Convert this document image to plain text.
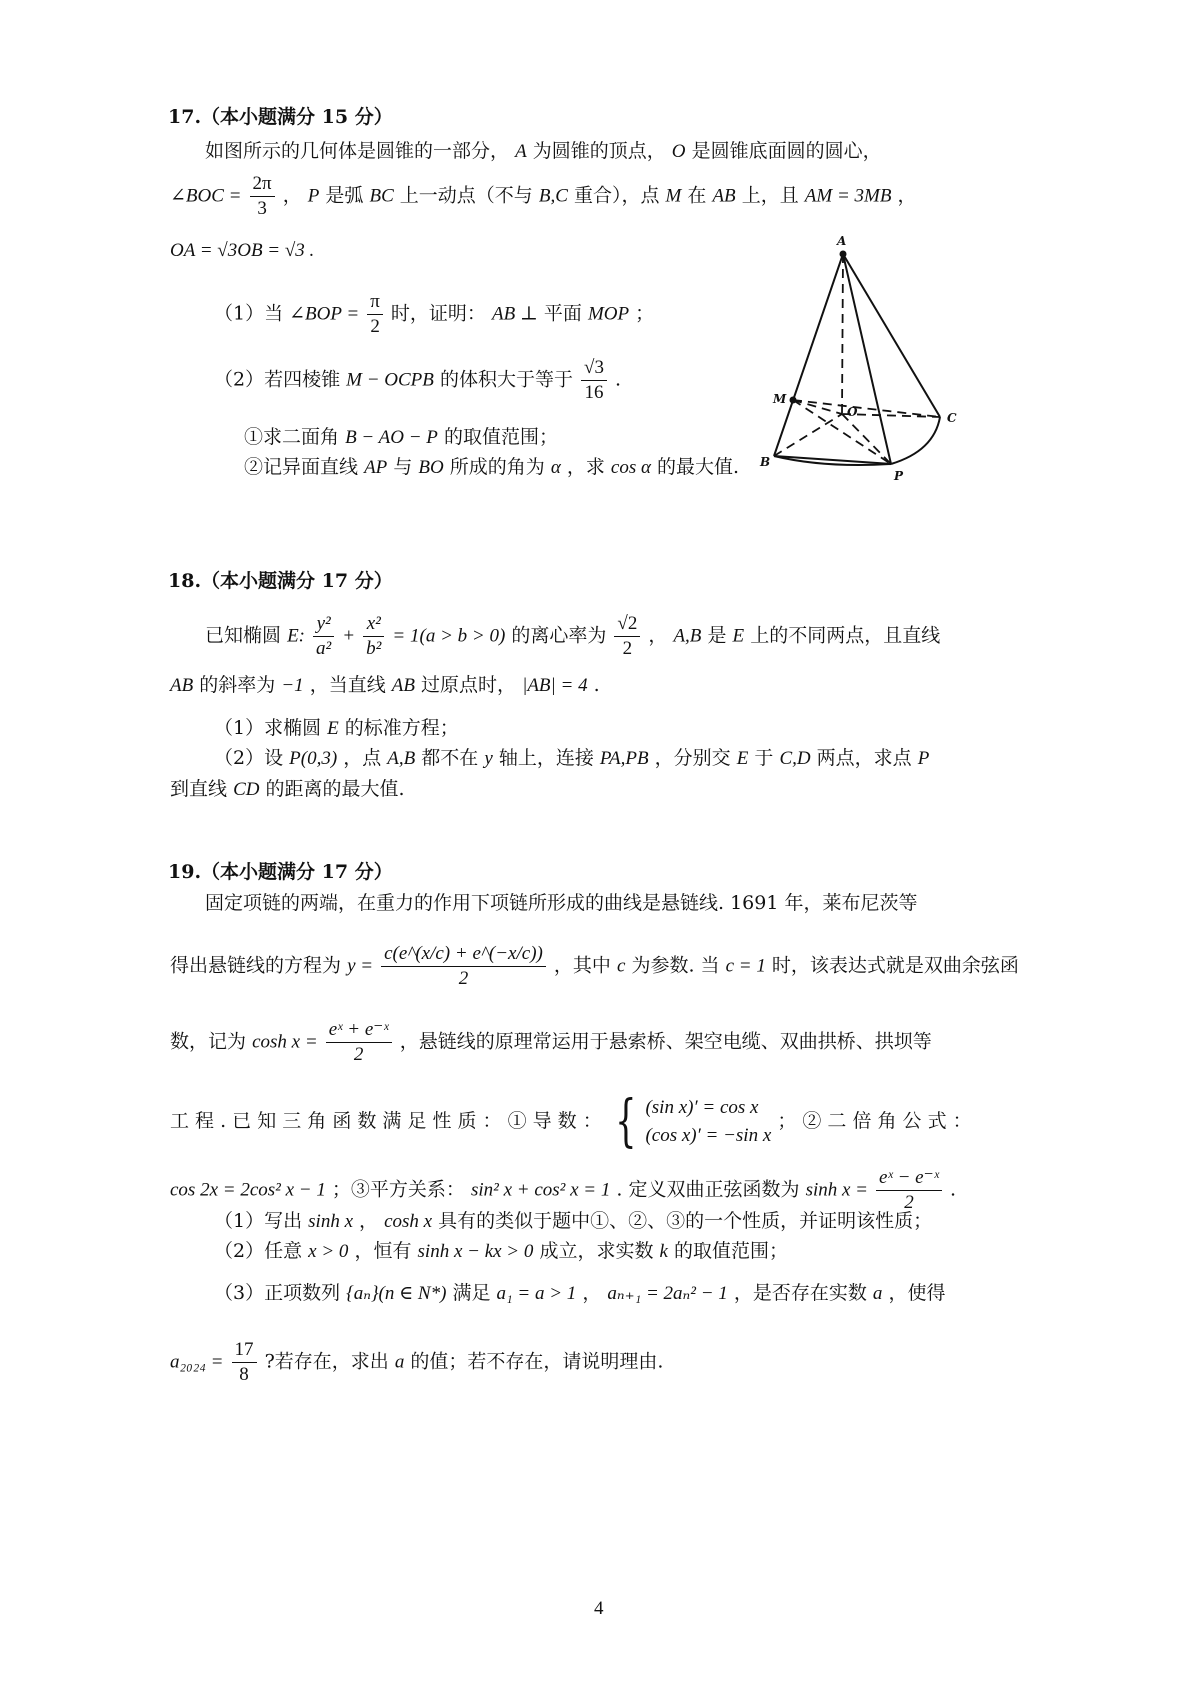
17.（本小题满分 15 分）
如图所示的几何体是圆锥的一部分， A 为圆锥的顶点， O 是圆锥底面圆的圆心，
∠BOC = $\frac{2\pi}{3}$ ， P 是弧 BC 上一动点（不与 B,C 重合），点 M 在 AB 上，且 AM = 3MB ，
OA = √3OB = √3 .
（1）当 ∠BOP = $\frac{\pi}{2}$ 时，证明： AB ⊥ 平面 MOP ；
（2）若四棱锥 M − OCPB 的体积大于等于 $\frac{√3}{16}$ .
①求二面角 B − AO − P 的取值范围；
②记异面直线 AP 与 BO 所成的角为 α ，求 cos α 的最大值.
A
M
O	C
B
P
18.（本小题满分 17 分）
已知椭圆 E: $\frac{\text{y²}}{\text{a²}} + \frac{\text{x²}}{\text{b²}} = 1(a > b > 0)$ 的离心率为 $\frac{√2}{2}$ ， A,B 是 E 上的不同两点，且直线
AB 的斜率为 −1 ，当直线 AB 过原点时， |AB| = 4 .
（1）求椭圆 E 的标准方程；
（2）设 P(0,3) ，点 A,B 都不在 y 轴上，连接 PA,PB ，分别交 E 于 C,D 两点，求点 P
到直线 CD 的距离的最大值.
19.（本小题满分 17 分）
固定项链的两端，在重力的作用下项链所形成的曲线是悬链线. 1691 年，莱布尼茨等
得出悬链线的方程为 $y = \frac{c(e\^{}(x/c) + e\^{}(-x/c))}{2}$ ，其中 c 为参数. 当 c = 1 时，该表达式就是双曲余弦函
数，记为 $\cosh x = \frac{\text{eˣ + e⁻ˣ}}{2}$ ，悬链线的原理常运用于悬索桥、架空电缆、双曲拱桥、拱坝等
工 程 . 已 知 三 角 函 数 满 足 性 质 ： ① 导 数 ： { (sin x)′ = cos x
(cos x)′ = −sin x
； ② 二 倍 角 公 式 ：
cos 2x = 2cos² x − 1 ；③平方关系： sin² x + cos² x = 1 . 定义双曲正弦函数为 $\sinh x = \frac{\text{eˣ − e⁻ˣ}}{2}$ .
（1）写出 sinh x ， cosh x 具有的类似于题中①、②、③的一个性质，并证明该性质；
（2）任意 x > 0 ，恒有 sinh x − kx > 0 成立，求实数 k 的取值范围；
（3）正项数列 {aₙ}(n ∈ N*) 满足 a₁ = a > 1 ， aₙ₊₁ = 2aₙ² − 1 ，是否存在实数 a ，使得
$a_{2024} = \frac{17}{8}$ ?若存在，求出 a 的值；若不存在，请说明理由.
4
